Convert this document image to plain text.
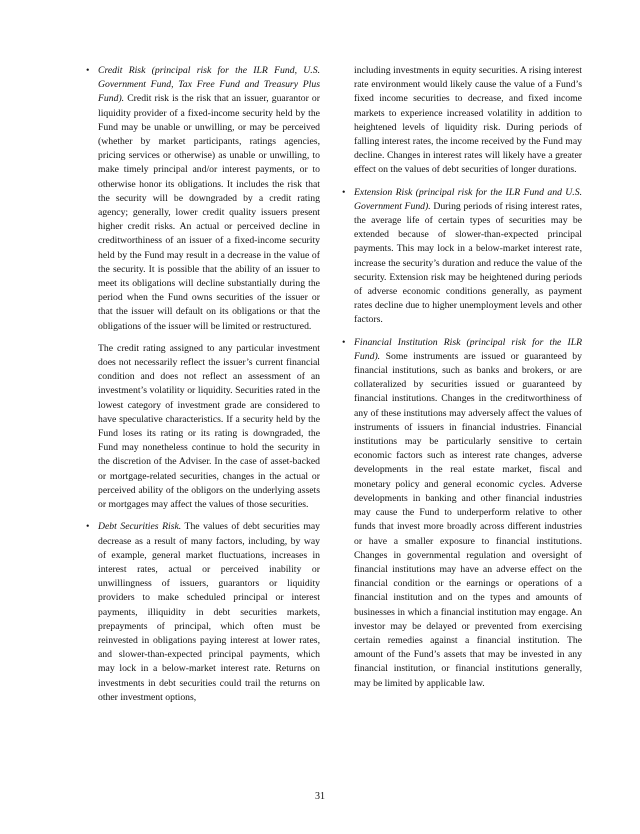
• Credit Risk (principal risk for the ILR Fund, U.S. Government Fund, Tax Free Fund and Treasury Plus Fund). Credit risk is the risk that an issuer, guarantor or liquidity provider of a fixed-income security held by the Fund may be unable or unwilling, or may be perceived (whether by market participants, ratings agencies, pricing services or otherwise) as unable or unwilling, to make timely principal and/or interest payments, or to otherwise honor its obligations. It includes the risk that the security will be downgraded by a credit rating agency; generally, lower credit quality issuers present higher credit risks. An actual or perceived decline in creditworthiness of an issuer of a fixed-income security held by the Fund may result in a decrease in the value of the security. It is possible that the ability of an issuer to meet its obligations will decline substantially during the period when the Fund owns securities of the issuer or that the issuer will default on its obligations or that the obligations of the issuer will be limited or restructured.

The credit rating assigned to any particular investment does not necessarily reflect the issuer’s current financial condition and does not reflect an assessment of an investment’s volatility or liquidity. Securities rated in the lowest category of investment grade are considered to have speculative characteristics. If a security held by the Fund loses its rating or its rating is downgraded, the Fund may nonetheless continue to hold the security in the discretion of the Adviser. In the case of asset-backed or mortgage-related securities, changes in the actual or perceived ability of the obligors on the underlying assets or mortgages may affect the values of those securities.

• Debt Securities Risk. The values of debt securities may decrease as a result of many factors, including, by way of example, general market fluctuations, increases in interest rates, actual or perceived inability or unwillingness of issuers, guarantors or liquidity providers to make scheduled principal or interest payments, illiquidity in debt securities markets, prepayments of principal, which often must be reinvested in obligations paying interest at lower rates, and slower-than-expected principal payments, which may lock in a below-market interest rate. Returns on investments in debt securities could trail the returns on other investment options,

including investments in equity securities. A rising interest rate environment would likely cause the value of a Fund’s fixed income securities to decrease, and fixed income markets to experience increased volatility in addition to heightened levels of liquidity risk. During periods of falling interest rates, the income received by the Fund may decline. Changes in interest rates will likely have a greater effect on the values of debt securities of longer durations.

• Extension Risk (principal risk for the ILR Fund and U.S. Government Fund). During periods of rising interest rates, the average life of certain types of securities may be extended because of slower-than-expected principal payments. This may lock in a below-market interest rate, increase the security’s duration and reduce the value of the security. Extension risk may be heightened during periods of adverse economic conditions generally, as payment rates decline due to higher unemployment levels and other factors.
• Financial Institution Risk (principal risk for the ILR Fund). Some instruments are issued or guaranteed by financial institutions, such as banks and brokers, or are collateralized by securities issued or guaranteed by financial institutions. Changes in the creditworthiness of any of these institutions may adversely affect the values of instruments of issuers in financial industries. Financial institutions may be particularly sensitive to certain economic factors such as interest rate changes, adverse developments in the real estate market, fiscal and monetary policy and general economic cycles. Adverse developments in banking and other financial industries may cause the Fund to underperform relative to other funds that invest more broadly across different industries or have a smaller exposure to financial institutions. Changes in governmental regulation and oversight of financial institutions may have an adverse effect on the financial condition or the earnings or operations of a financial institution and on the types and amounts of businesses in which a financial institution may engage. An investor may be delayed or prevented from exercising certain remedies against a financial institution. The amount of the Fund’s assets that may be invested in any financial institution, or financial institutions generally, may be limited by applicable law.
31
